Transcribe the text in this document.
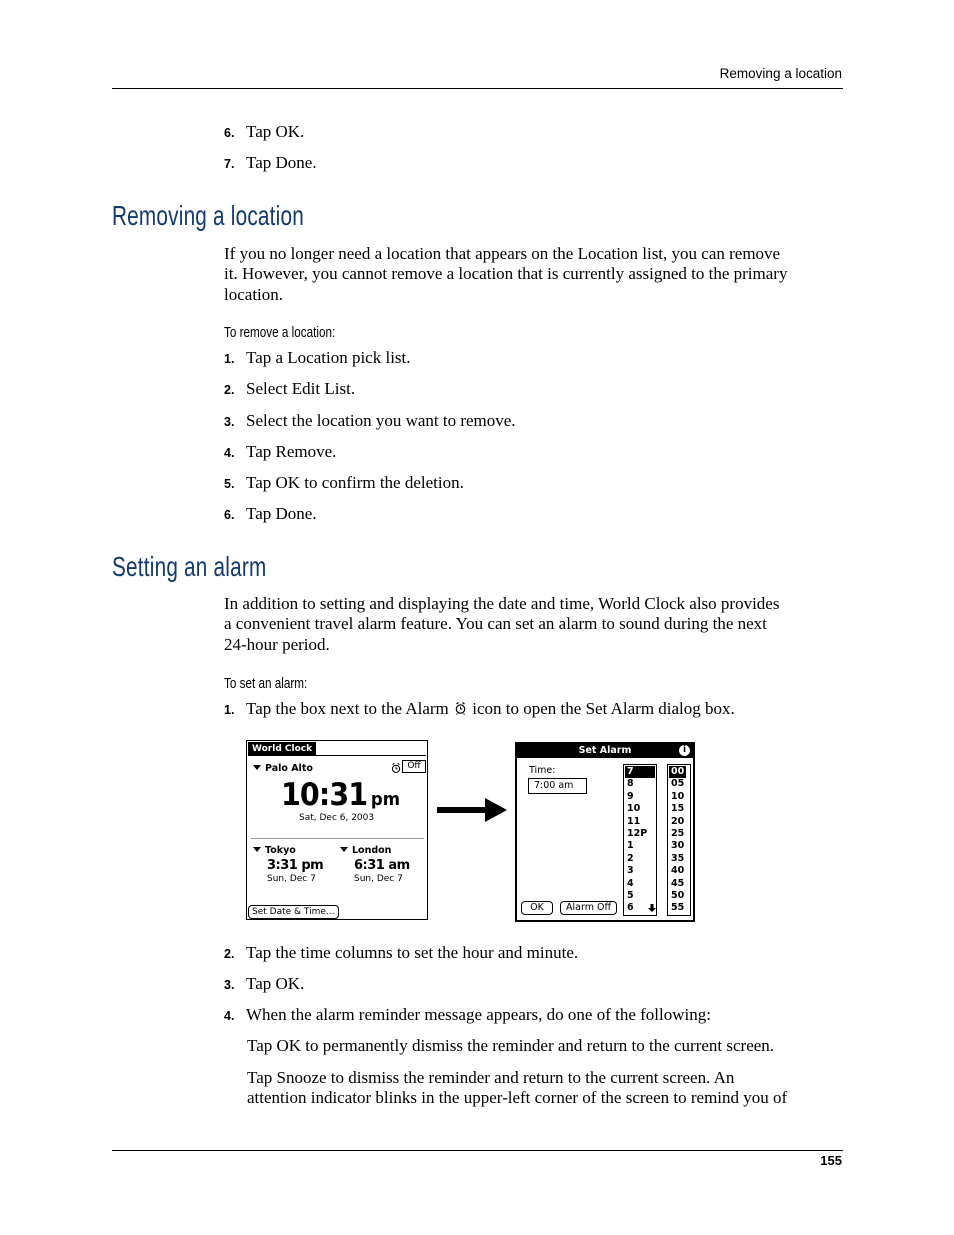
Removing a location
6. Tap OK.
7. Tap Done.
Removing a location
If you no longer need a location that appears on the Location list, you can remove
it. However, you cannot remove a location that is currently assigned to the primary
location.
To remove a location:
1. Tap a Location pick list.
2. Select Edit List.
3. Select the location you want to remove.
4. Tap Remove.
5. Tap OK to confirm the deletion.
6. Tap Done.
Setting an alarm
In addition to setting and displaying the date and time, World Clock also provides
a convenient travel alarm feature. You can set an alarm to sound during the next
24-hour period.
To set an alarm:
1. Tap the box next to the Alarm icon to open the Set Alarm dialog box.
World Clock
Palo Alto	Off
10:31 pm
Sat, Dec 6, 2003
Tokyo
3:31 pm
Sun, Dec 7
London
6:31 am
Sun, Dec 7
Set Date & Time...
Set Alarm	i
Time:
7:00 am
7
8
9
10
11
12P
1
2
3
4
5
6
00
05
10
15
20
25
30
35
40
45
50
55
OK	Alarm Off
2. Tap the time columns to set the hour and minute.
3. Tap OK.
4. When the alarm reminder message appears, do one of the following:
Tap OK to permanently dismiss the reminder and return to the current screen.
Tap Snooze to dismiss the reminder and return to the current screen. An
attention indicator blinks in the upper-left corner of the screen to remind you of
155
